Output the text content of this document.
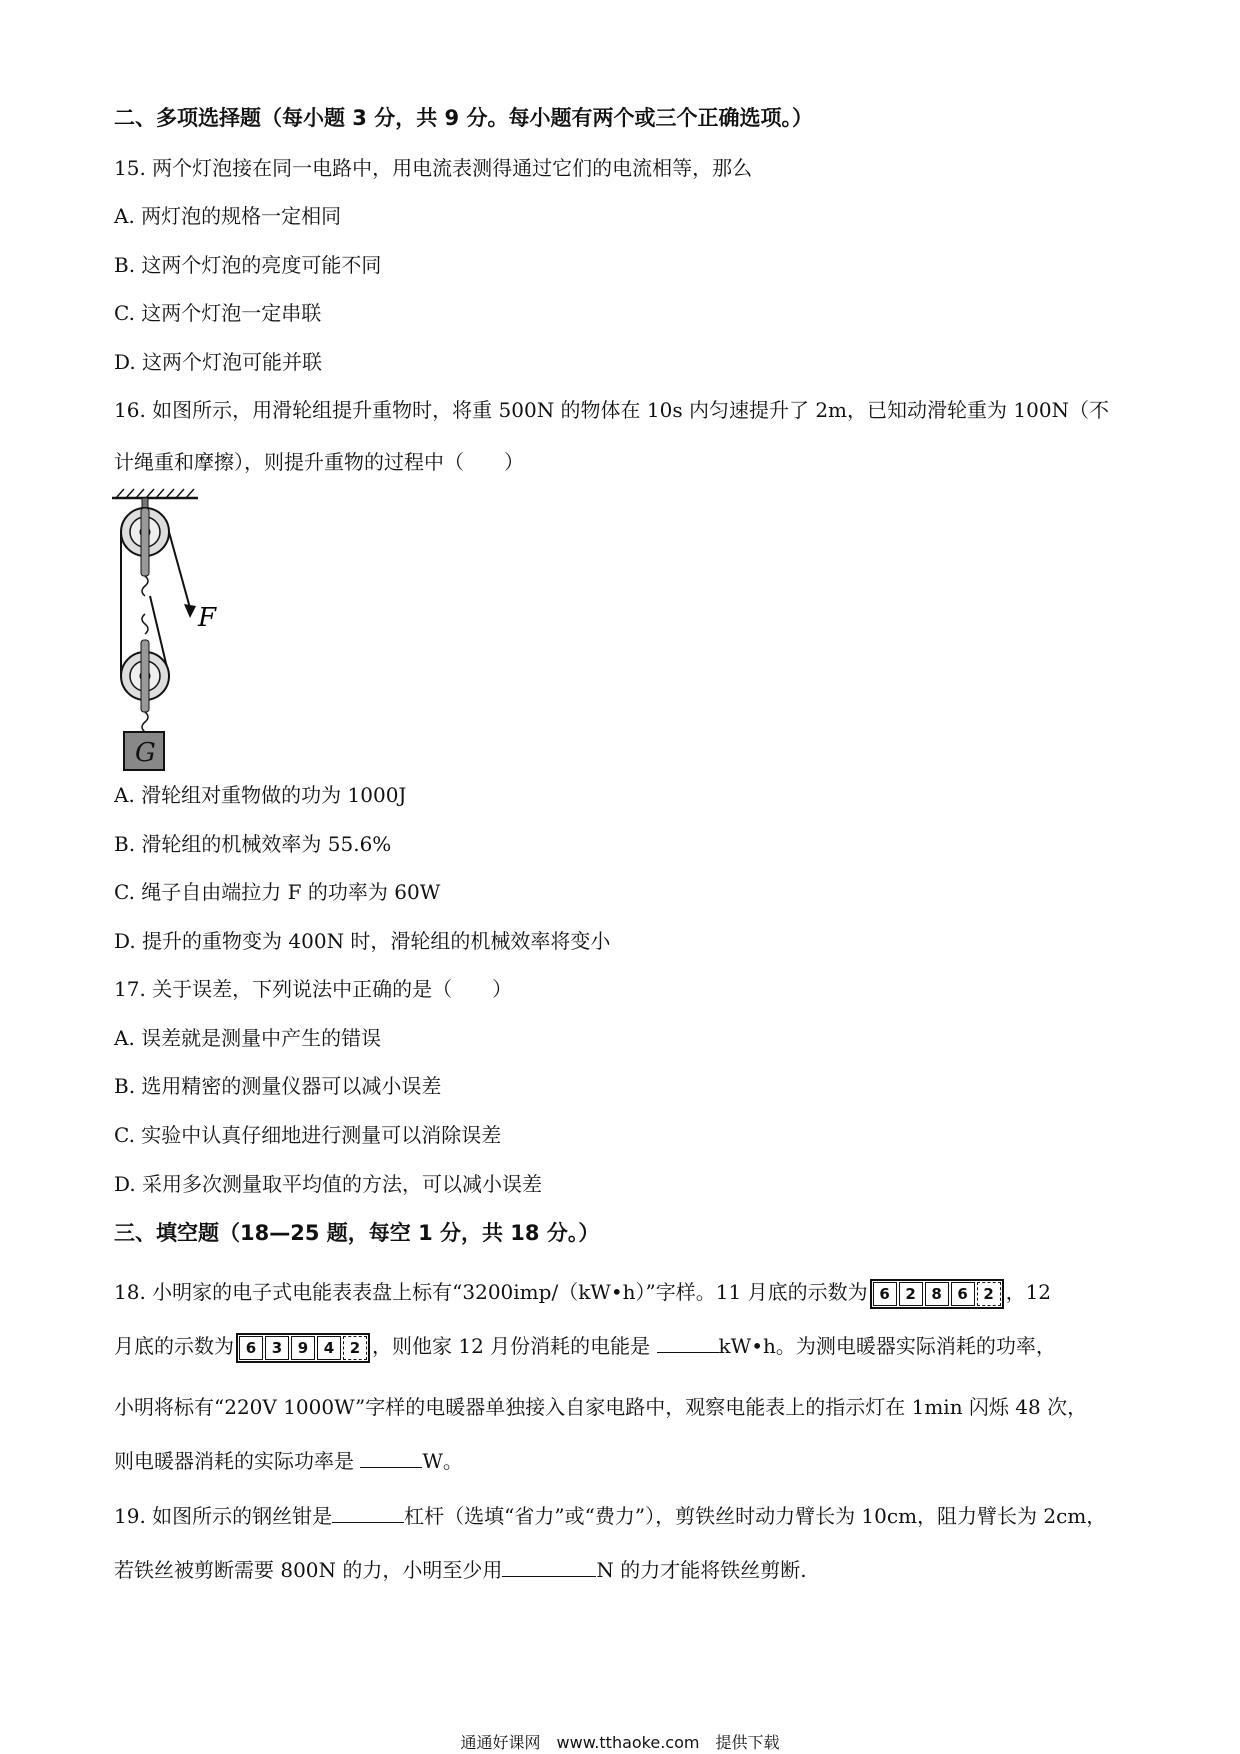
二、多项选择题（每小题 3 分，共 9 分。每小题有两个或三个正确选项。）
15. 两个灯泡接在同一电路中，用电流表测得通过它们的电流相等，那么
A. 两灯泡的规格一定相同
B. 这两个灯泡的亮度可能不同
C. 这两个灯泡一定串联
D. 这两个灯泡可能并联
16. 如图所示，用滑轮组提升重物时，将重 500N 的物体在 10s 内匀速提升了 2m，已知动滑轮重为 100N（不
计绳重和摩擦），则提升重物的过程中（　　）
F
G
A. 滑轮组对重物做的功为 1000J
B. 滑轮组的机械效率为 55.6%
C. 绳子自由端拉力 F 的功率为 60W
D. 提升的重物变为 400N 时，滑轮组的机械效率将变小
17. 关于误差，下列说法中正确的是（　　）
A. 误差就是测量中产生的错误
B. 选用精密的测量仪器可以减小误差
C. 实验中认真仔细地进行测量可以消除误差
D. 采用多次测量取平均值的方法，可以减小误差
三、填空题（18—25 题，每空 1 分，共 18 分。）
18. 小明家的电子式电能表表盘上标有“3200imp/（kW•h）”字样。11 月底的示数为 6	2	8	6	2 ，12
月底的示数为 6	3	9	4	2 ，则他家 12 月份消耗的电能是	kW•h。为测电暖器实际消耗的功率，
小明将标有“220V 1000W”字样的电暖器单独接入自家电路中，观察电能表上的指示灯在 1min 闪烁 48 次，
则电暖器消耗的实际功率是	W。
19. 如图所示的钢丝钳是	杠杆（选填“省力”或“费力”），剪铁丝时动力臂长为 10cm，阻力臂长为 2cm，
若铁丝被剪断需要 800N 的力，小明至少用	N 的力才能将铁丝剪断.
通通好课网　www.tthaoke.com　提供下载
